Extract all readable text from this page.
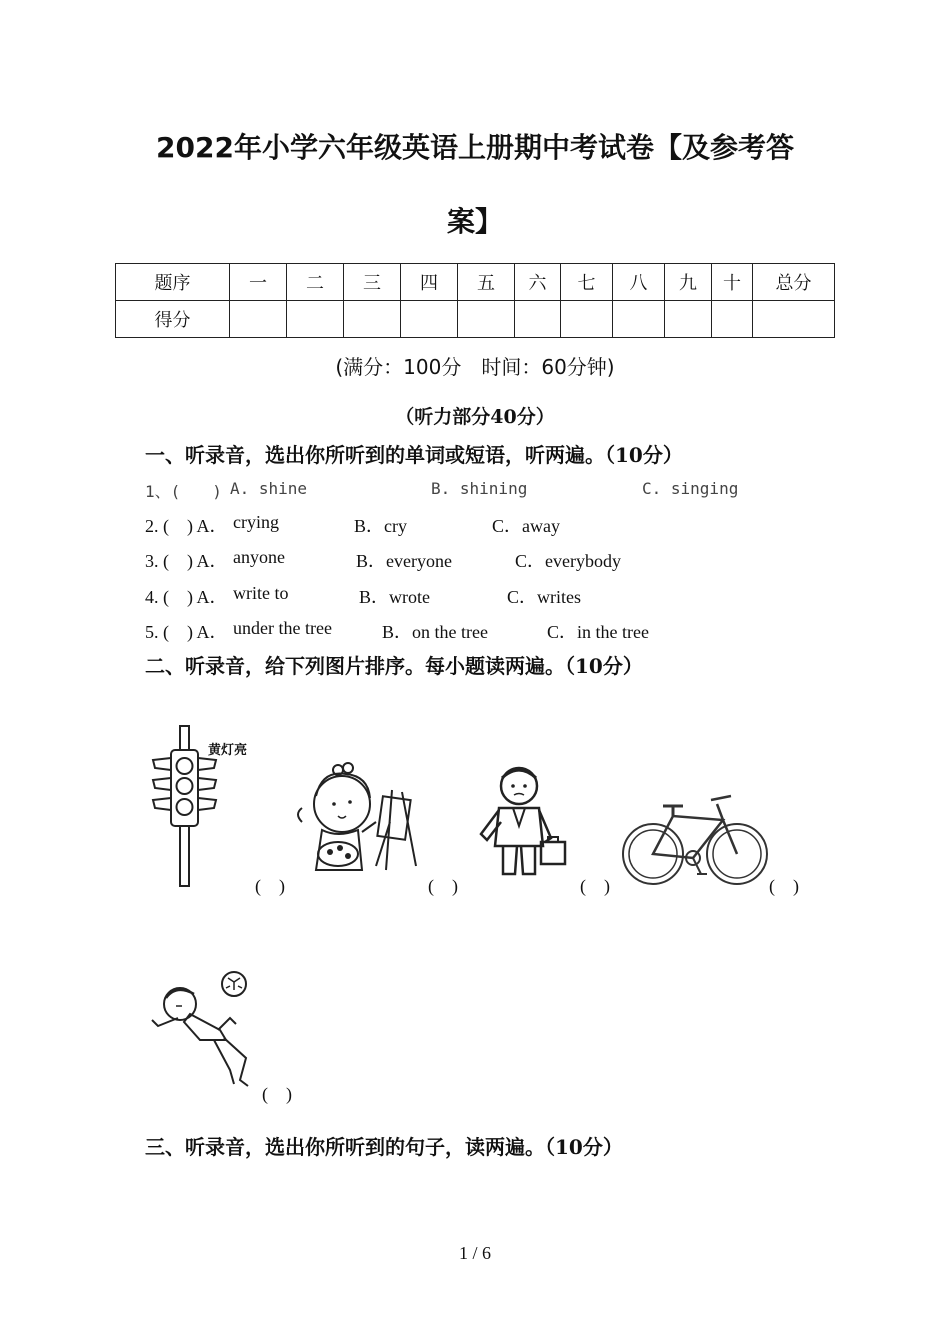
2022年小学六年级英语上册期中考试卷【及参考答
案】
题序	一	二	三	四	五	六	七	八	九	十	总分
得分											
(满分：100分　时间：60分钟)
（听力部分40分）
一、听录音，选出你所听到的单词或短语，听两遍。（10分）
1、(　　) A. shine	B. shining	C. singing
2. (　) A． crying	B．cry	C．away
3. (　) A． anyone	B．everyone	C．everybody
4. (　) A． write to	B．wrote	C．writes
5. (　) A． under the tree	B．on the tree	C．in the tree
二、听录音，给下列图片排序。每小题读两遍。（10分）
黄灯亮
(　)	(　)	(　)	(　)
(　)
三、听录音，选出你所听到的句子，读两遍。（10分）
1 / 6
